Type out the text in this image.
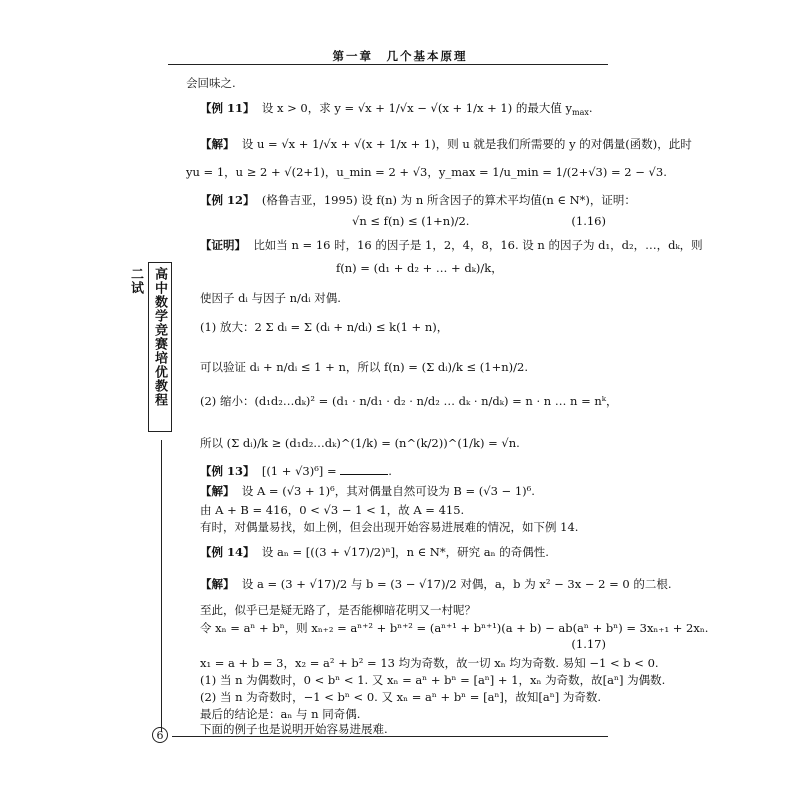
第一章　几个基本原理
高中数学竞赛培优教程　二试
6
会回味之.
【例 11】 设 x > 0，求 y = √x + 1/√x − √(x + 1/x + 1) 的最大值 $y_{max}$.
【解】 设 u = √x + 1/√x + √(x + 1/x + 1)，则 u 就是我们所需要的 y 的对偶量(函数)，此时
yu = 1，u ≥ 2 + √(2+1)，u_min = 2 + √3，y_max = 1/u_min = 1/(2+√3) = 2 − √3.
【例 12】 (格鲁吉亚，1995) 设 f(n) 为 n 所含因子的算术平均值(n ∈ N*)，证明：
√n ≤ f(n) ≤ (1+n)/2.	(1.16)
【证明】 比如当 n = 16 时，16 的因子是 1，2，4，8，16. 设 n 的因子为 d₁，d₂，…，dₖ，则
f(n) = (d₁ + d₂ + … + dₖ)/k，
使因子 dᵢ 与因子 n/dᵢ 对偶.
(1) 放大：2 Σ dᵢ = Σ (dᵢ + n/dᵢ) ≤ k(1 + n)，
可以验证 dᵢ + n/dᵢ ≤ 1 + n，所以 f(n) = (Σ dᵢ)/k ≤ (1+n)/2.
(2) 缩小：(d₁d₂…dₖ)² = (d₁ · n/d₁ · d₂ · n/d₂ … dₖ · n/dₖ) = n · n … n = nᵏ，
所以 (Σ dᵢ)/k ≥ (d₁d₂…dₖ)^(1/k) = (n^(k/2))^(1/k) = √n.
【例 13】 [(1 + √3)⁶] =	.
【解】 设 A = (√3 + 1)⁶，其对偶量自然可设为 B = (√3 − 1)⁶.
由 A + B = 416，0 < √3 − 1 < 1，故 A = 415.
有时，对偶量易找，如上例，但会出现开始容易进展难的情况，如下例 14.
【例 14】 设 aₙ = [((3 + √17)/2)ⁿ]，n ∈ N*，研究 aₙ 的奇偶性.
【解】 设 a = (3 + √17)/2 与 b = (3 − √17)/2 对偶，a，b 为 x² − 3x − 2 = 0 的二根.
至此，似乎已是疑无路了，是否能柳暗花明又一村呢？
令 xₙ = aⁿ + bⁿ，则 xₙ₊₂ = aⁿ⁺² + bⁿ⁺² = (aⁿ⁺¹ + bⁿ⁺¹)(a + b) − ab(aⁿ + bⁿ) = 3xₙ₊₁ + 2xₙ.
(1.17)
x₁ = a + b = 3，x₂ = a² + b² = 13 均为奇数，故一切 xₙ 均为奇数. 易知 −1 < b < 0.
(1) 当 n 为偶数时，0 < bⁿ < 1. 又 xₙ = aⁿ + bⁿ = [aⁿ] + 1，xₙ 为奇数，故[aⁿ] 为偶数.
(2) 当 n 为奇数时，−1 < bⁿ < 0. 又 xₙ = aⁿ + bⁿ = [aⁿ]，故知[aⁿ] 为奇数.
最后的结论是：aₙ 与 n 同奇偶.
下面的例子也是说明开始容易进展难.
